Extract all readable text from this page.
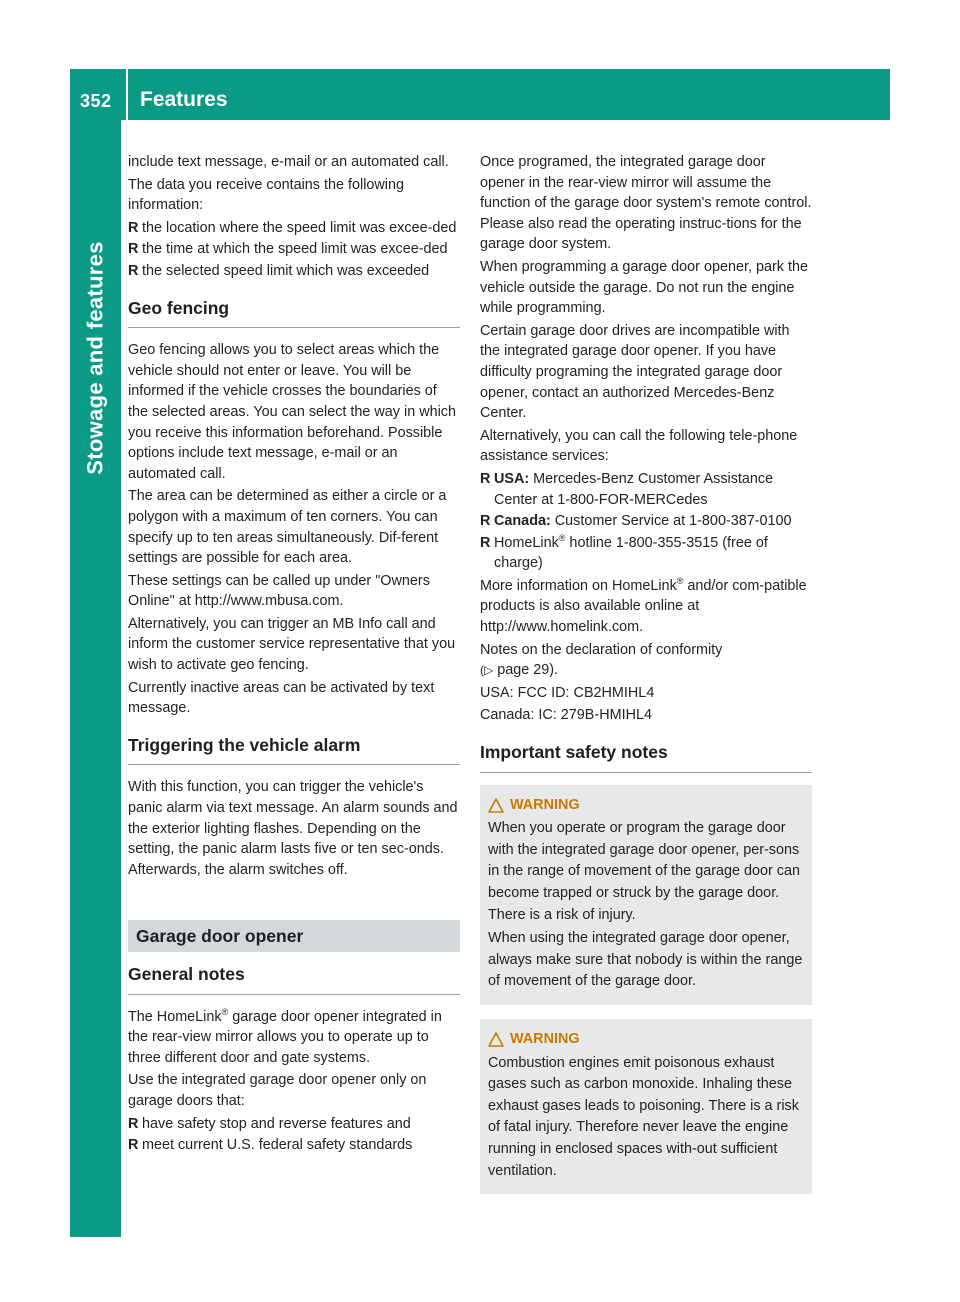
352 Features
Stowage and features

include text message, e-mail or an automated call.

The data you receive contains the following information:

R the location where the speed limit was excee-ded
R the time at which the speed limit was excee-ded
R the selected speed limit which was exceeded
Geo fencing

Geo fencing allows you to select areas which the vehicle should not enter or leave. You will be informed if the vehicle crosses the boundaries of the selected areas. You can select the way in which you receive this information beforehand. Possible options include text message, e-mail or an automated call.

The area can be determined as either a circle or a polygon with a maximum of ten corners. You can specify up to ten areas simultaneously. Dif-ferent settings are possible for each area.

These settings can be called up under "Owners Online" at http://www.mbusa.com.

Alternatively, you can trigger an MB Info call and inform the customer service representative that you wish to activate geo fencing.

Currently inactive areas can be activated by text message.

Triggering the vehicle alarm

With this function, you can trigger the vehicle's panic alarm via text message. An alarm sounds and the exterior lighting flashes. Depending on the setting, the panic alarm lasts five or ten sec-onds. Afterwards, the alarm switches off.

Garage door opener
General notes

The HomeLink® garage door opener integrated in the rear-view mirror allows you to operate up to three different door and gate systems.

Use the integrated garage door opener only on garage doors that:

R have safety stop and reverse features and
R meet current U.S. federal safety standards

Once programed, the integrated garage door opener in the rear-view mirror will assume the function of the garage door system's remote control. Please also read the operating instruc-tions for the garage door system.

When programming a garage door opener, park the vehicle outside the garage. Do not run the engine while programming.

Certain garage door drives are incompatible with the integrated garage door opener. If you have difficulty programing the integrated garage door opener, contact an authorized Mercedes-Benz Center.

Alternatively, you can call the following tele-phone assistance services:

R USA: Mercedes-Benz Customer Assistance Center at 1-800-FOR-MERCedes
R Canada: Customer Service at 1-800-387-0100
R HomeLink® hotline 1-800-355-3515 (free of charge)

More information on HomeLink® and/or com-patible products is also available online at http://www.homelink.com.

Notes on the declaration of conformity
(▷ page 29).

USA: FCC ID: CB2HMIHL4

Canada: IC: 279B-HMIHL4

Important safety notes
WARNING

When you operate or program the garage door with the integrated garage door opener, per-sons in the range of movement of the garage door can become trapped or struck by the garage door. There is a risk of injury.

When using the integrated garage door opener, always make sure that nobody is within the range of movement of the garage door.

WARNING

Combustion engines emit poisonous exhaust gases such as carbon monoxide. Inhaling these exhaust gases leads to poisoning. There is a risk of fatal injury. Therefore never leave the engine running in enclosed spaces with-out sufficient ventilation.
